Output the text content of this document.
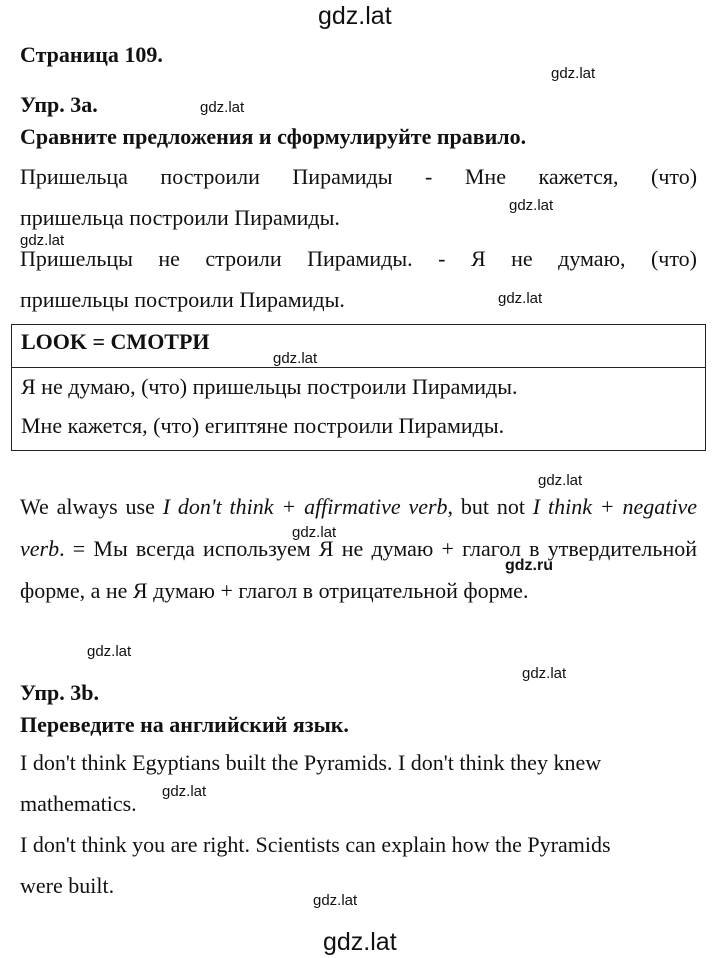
gdz.lat
gdz.lat
gdz.lat
gdz.lat
gdz.lat
gdz.lat
gdz.lat
gdz.lat
gdz.lat
gdz.ru
gdz.lat
gdz.lat
gdz.lat
gdz.lat
gdz.lat
Страница 109.
Упр. 3a.
Сравните предложения и сформулируйте правило.
Пришельца построили Пирамиды - Мне кажется, (что)
пришельца построили Пирамиды.
Пришельцы не строили Пирамиды. - Я не думаю, (что)
пришельцы построили Пирамиды.
LOOK = СМОТРИ
Я не думаю, (что) пришельцы построили Пирамиды.
Мне кажется, (что) египтяне построили Пирамиды.
We always use I don't think + affirmative verb, but not I think + negative verb. = Мы всегда используем Я не думаю + глагол в утвердительной форме, а не Я думаю + глагол в отрицательной форме.
Упр. 3b.
Переведите на английский язык.
I don't think Egyptians built the Pyramids. I don't think they knew
mathematics.
I don't think you are right. Scientists can explain how the Pyramids
were built.
